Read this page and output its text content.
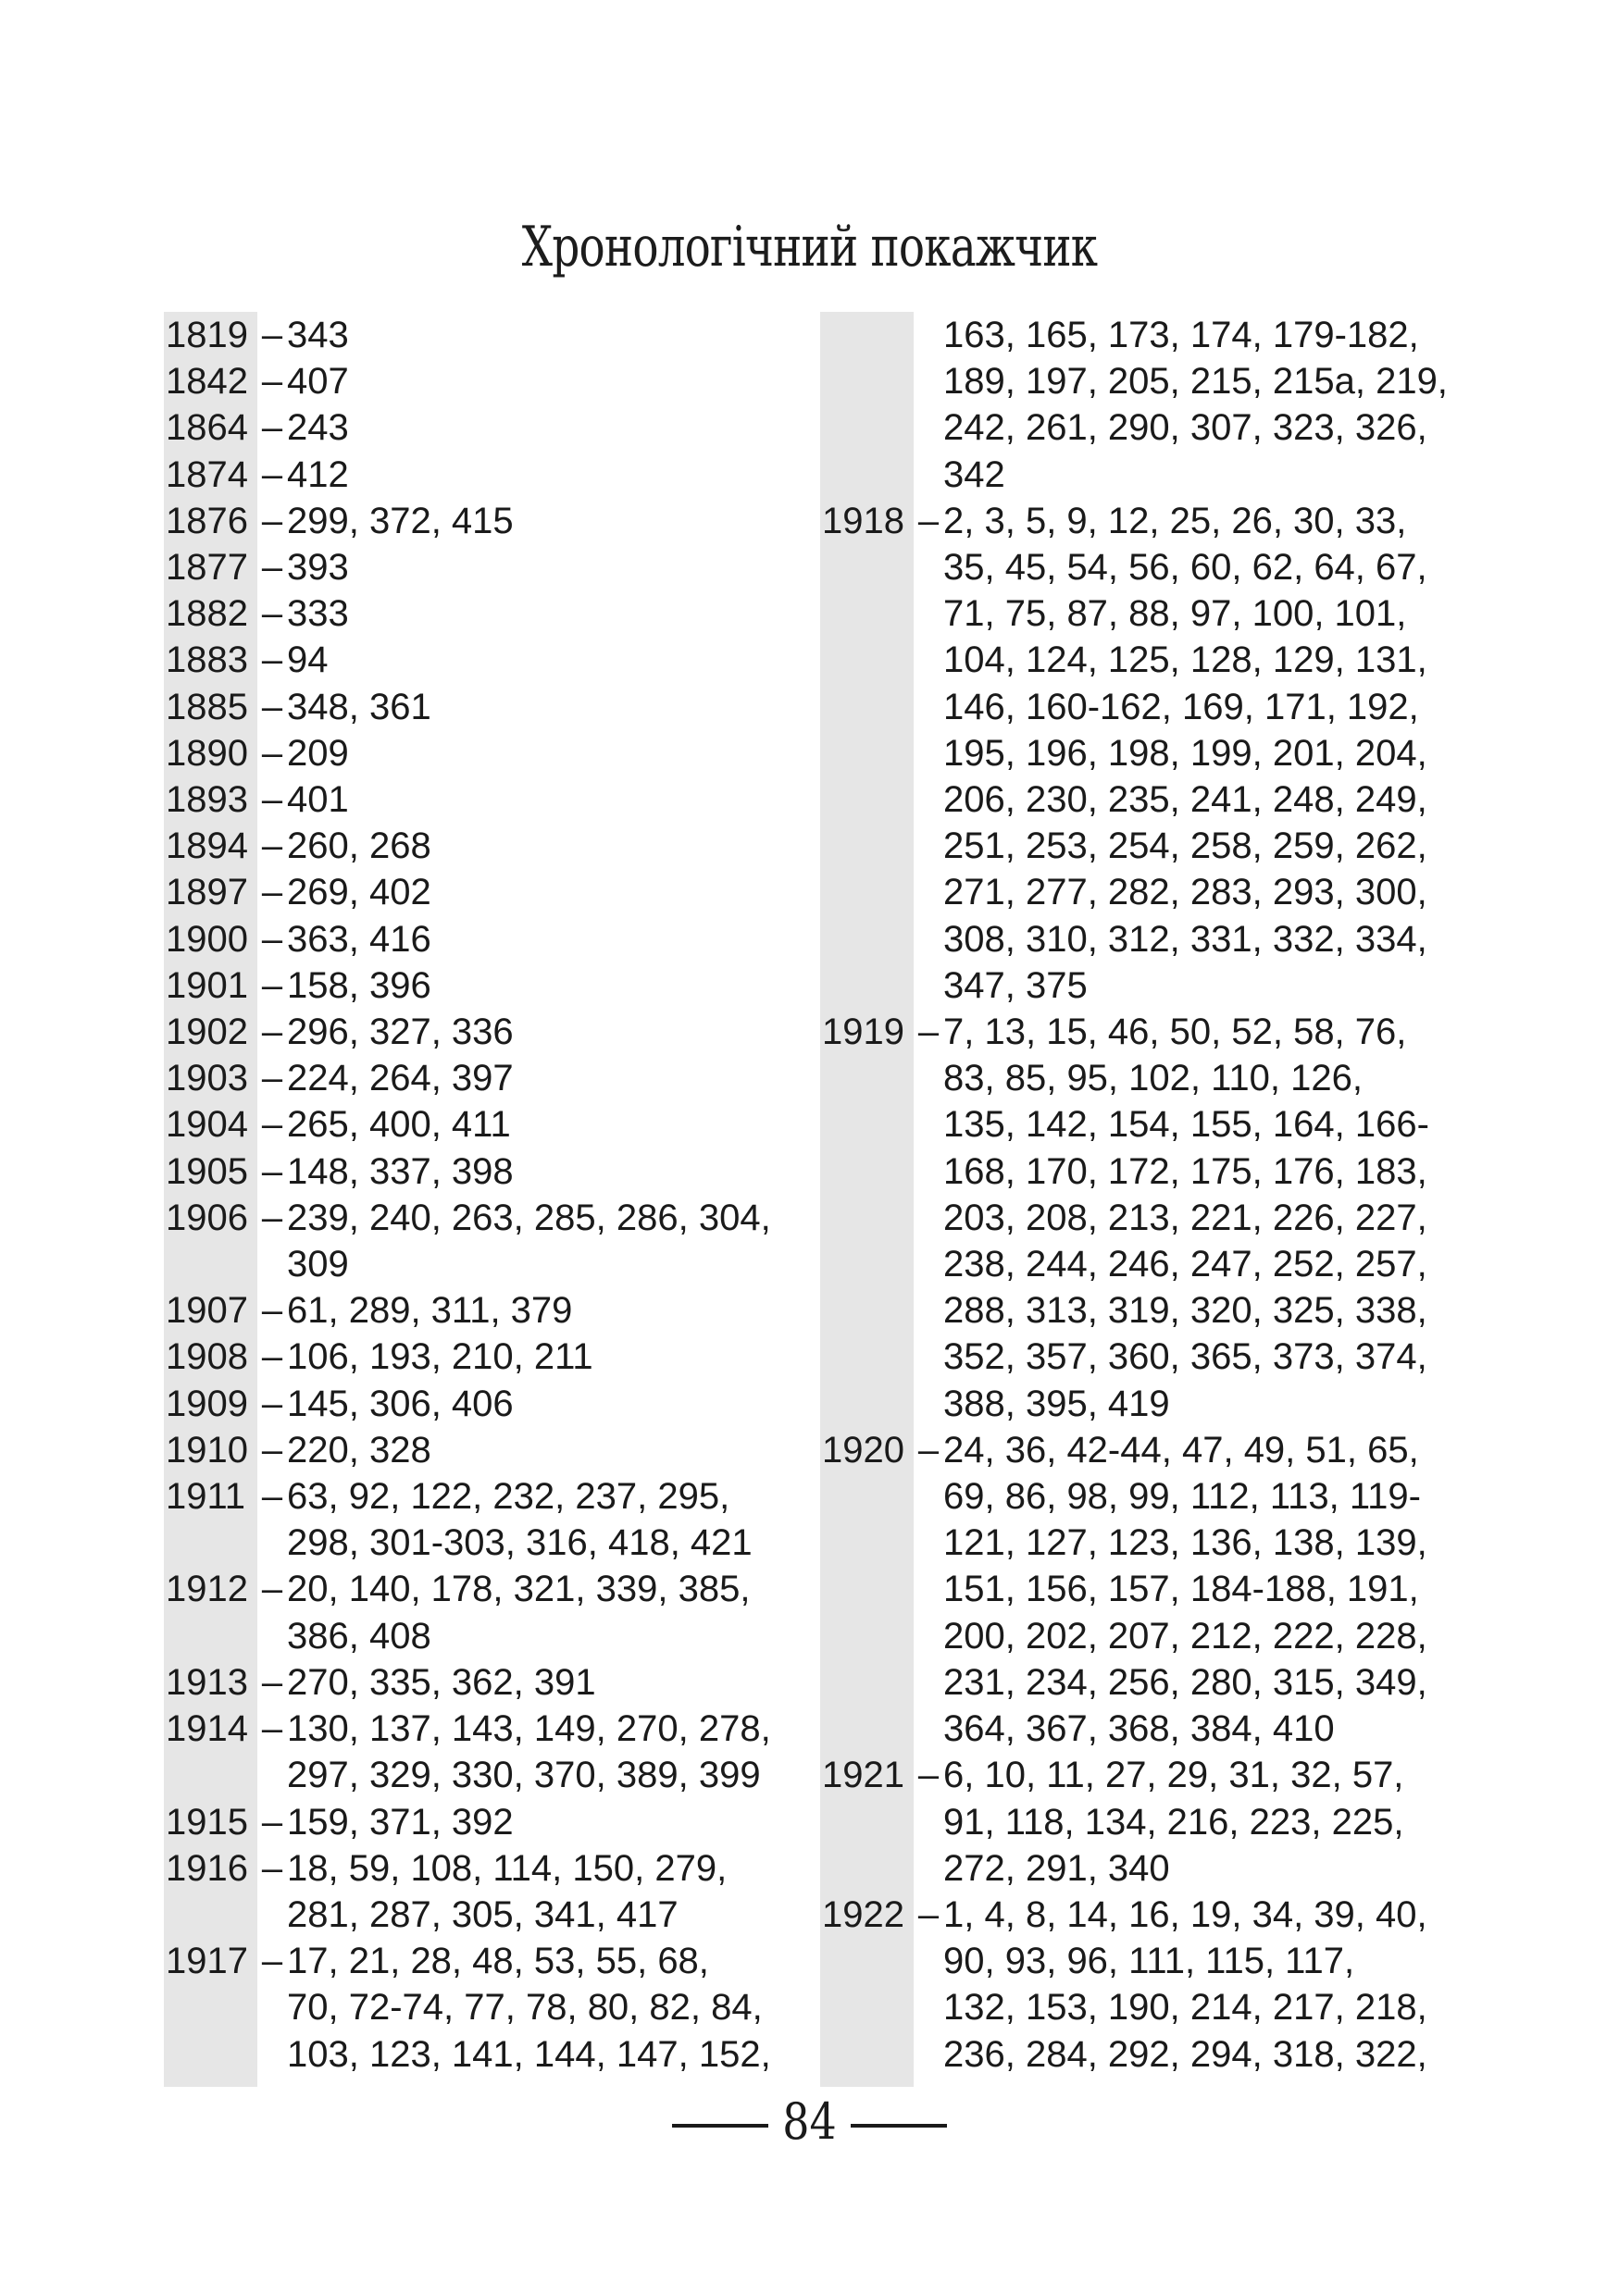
Хронологічний покажчик
1819 – 343
1842 – 407
1864 – 243
1874 – 412
1876 – 299, 372, 415
1877 – 393
1882 – 333
1883 – 94
1885 – 348, 361
1890 – 209
1893 – 401
1894 – 260, 268
1897 – 269, 402
1900 – 363, 416
1901 – 158, 396
1902 – 296, 327, 336
1903 – 224, 264, 397
1904 – 265, 400, 411
1905 – 148, 337, 398
1906 – 239, 240, 263, 285, 286, 304,
309
1907 – 61, 289, 311, 379
1908 – 106, 193, 210, 211
1909 – 145, 306, 406
1910 – 220, 328
1911 – 63, 92, 122, 232, 237, 295,
298, 301-303, 316, 418, 421
1912 – 20, 140, 178, 321, 339, 385,
386, 408
1913 – 270, 335, 362, 391
1914 – 130, 137, 143, 149, 270, 278,
297, 329, 330, 370, 389, 399
1915 – 159, 371, 392
1916 – 18, 59, 108, 114, 150, 279,
281, 287, 305, 341, 417
1917 – 17, 21, 28, 48, 53, 55, 68,
70, 72-74, 77, 78, 80, 82, 84,
103, 123, 141, 144, 147, 152,
163, 165, 173, 174, 179-182,
189, 197, 205, 215, 215а, 219,
242, 261, 290, 307, 323, 326,
342
1918 – 2, 3, 5, 9, 12, 25, 26, 30, 33,
35, 45, 54, 56, 60, 62, 64, 67,
71, 75, 87, 88, 97, 100, 101,
104, 124, 125, 128, 129, 131,
146, 160-162, 169, 171, 192,
195, 196, 198, 199, 201, 204,
206, 230, 235, 241, 248, 249,
251, 253, 254, 258, 259, 262,
271, 277, 282, 283, 293, 300,
308, 310, 312, 331, 332, 334,
347, 375
1919 – 7, 13, 15, 46, 50, 52, 58, 76,
83, 85, 95, 102, 110, 126,
135, 142, 154, 155, 164, 166-
168, 170, 172, 175, 176, 183,
203, 208, 213, 221, 226, 227,
238, 244, 246, 247, 252, 257,
288, 313, 319, 320, 325, 338,
352, 357, 360, 365, 373, 374,
388, 395, 419
1920 – 24, 36, 42-44, 47, 49, 51, 65,
69, 86, 98, 99, 112, 113, 119-
121, 127, 123, 136, 138, 139,
151, 156, 157, 184-188, 191,
200, 202, 207, 212, 222, 228,
231, 234, 256, 280, 315, 349,
364, 367, 368, 384, 410
1921 – 6, 10, 11, 27, 29, 31, 32, 57,
91, 118, 134, 216, 223, 225,
272, 291, 340
1922 – 1, 4, 8, 14, 16, 19, 34, 39, 40,
90, 93, 96, 111, 115, 117,
132, 153, 190, 214, 217, 218,
236, 284, 292, 294, 318, 322,
84
